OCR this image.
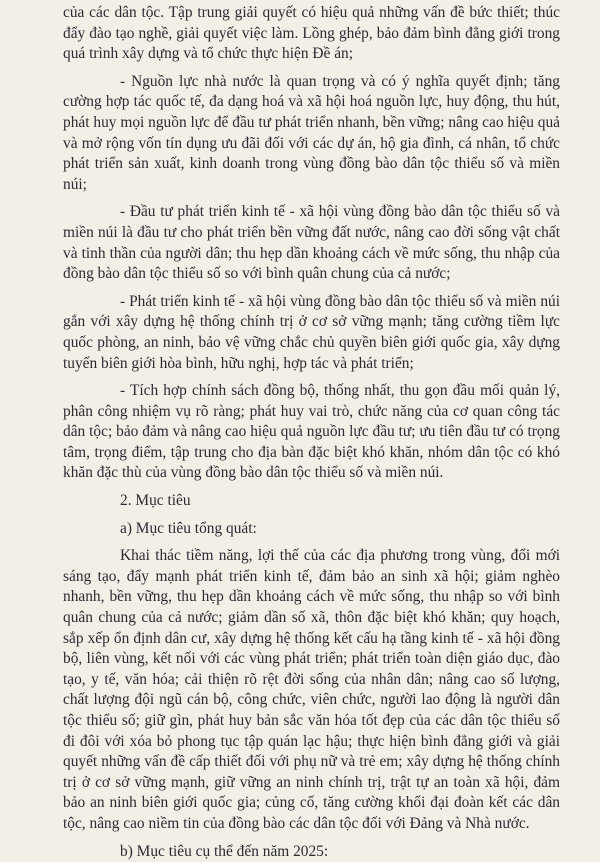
của các dân tộc. Tập trung giải quyết có hiệu quả những vấn đề bức thiết; thúc đẩy đào tạo nghề, giải quyết việc làm. Lồng ghép, bảo đảm bình đẳng giới trong quá trình xây dựng và tổ chức thực hiện Đề án;

- Nguồn lực nhà nước là quan trọng và có ý nghĩa quyết định; tăng cường hợp tác quốc tế, đa dạng hoá và xã hội hoá nguồn lực, huy động, thu hút, phát huy mọi nguồn lực để đầu tư phát triển nhanh, bền vững; nâng cao hiệu quả và mở rộng vốn tín dụng ưu đãi đối với các dự án, hộ gia đình, cá nhân, tổ chức phát triển sản xuất, kinh doanh trong vùng đồng bào dân tộc thiểu số và miền núi;

- Đầu tư phát triển kinh tế - xã hội vùng đồng bào dân tộc thiểu số và miền núi là đầu tư cho phát triển bền vững đất nước, nâng cao đời sống vật chất và tinh thần của người dân; thu hẹp dần khoảng cách về mức sống, thu nhập của đồng bào dân tộc thiểu số so với bình quân chung của cả nước;

- Phát triển kinh tế - xã hội vùng đồng bào dân tộc thiểu số và miền núi gắn với xây dựng hệ thống chính trị ở cơ sở vững mạnh; tăng cường tiềm lực quốc phòng, an ninh, bảo vệ vững chắc chủ quyền biên giới quốc gia, xây dựng tuyến biên giới hòa bình, hữu nghị, hợp tác và phát triển;

- Tích hợp chính sách đồng bộ, thống nhất, thu gọn đầu mối quản lý, phân công nhiệm vụ rõ ràng; phát huy vai trò, chức năng của cơ quan công tác dân tộc; bảo đảm và nâng cao hiệu quả nguồn lực đầu tư; ưu tiên đầu tư có trọng tâm, trọng điểm, tập trung cho địa bàn đặc biệt khó khăn, nhóm dân tộc có khó khăn đặc thù của vùng đồng bào dân tộc thiểu số và miền núi.

2. Mục tiêu

a) Mục tiêu tổng quát:

Khai thác tiềm năng, lợi thế của các địa phương trong vùng, đổi mới sáng tạo, đẩy mạnh phát triển kinh tế, đảm bảo an sinh xã hội; giảm nghèo nhanh, bền vững, thu hẹp dần khoảng cách về mức sống, thu nhập so với bình quân chung của cả nước; giảm dần số xã, thôn đặc biệt khó khăn; quy hoạch, sắp xếp ổn định dân cư, xây dựng hệ thống kết cấu hạ tầng kinh tế - xã hội đồng bộ, liên vùng, kết nối với các vùng phát triển; phát triển toàn diện giáo dục, đào tạo, y tế, văn hóa; cải thiện rõ rệt đời sống của nhân dân; nâng cao số lượng, chất lượng đội ngũ cán bộ, công chức, viên chức, người lao động là người dân tộc thiểu số; giữ gìn, phát huy bản sắc văn hóa tốt đẹp của các dân tộc thiểu số đi đôi với xóa bỏ phong tục tập quán lạc hậu; thực hiện bình đẳng giới và giải quyết những vấn đề cấp thiết đối với phụ nữ và trẻ em; xây dựng hệ thống chính trị ở cơ sở vững mạnh, giữ vững an ninh chính trị, trật tự an toàn xã hội, đảm bảo an ninh biên giới quốc gia; củng cố, tăng cường khối đại đoàn kết các dân tộc, nâng cao niềm tin của đồng bào các dân tộc đối với Đảng và Nhà nước.

b) Mục tiêu cụ thể đến năm 2025:
